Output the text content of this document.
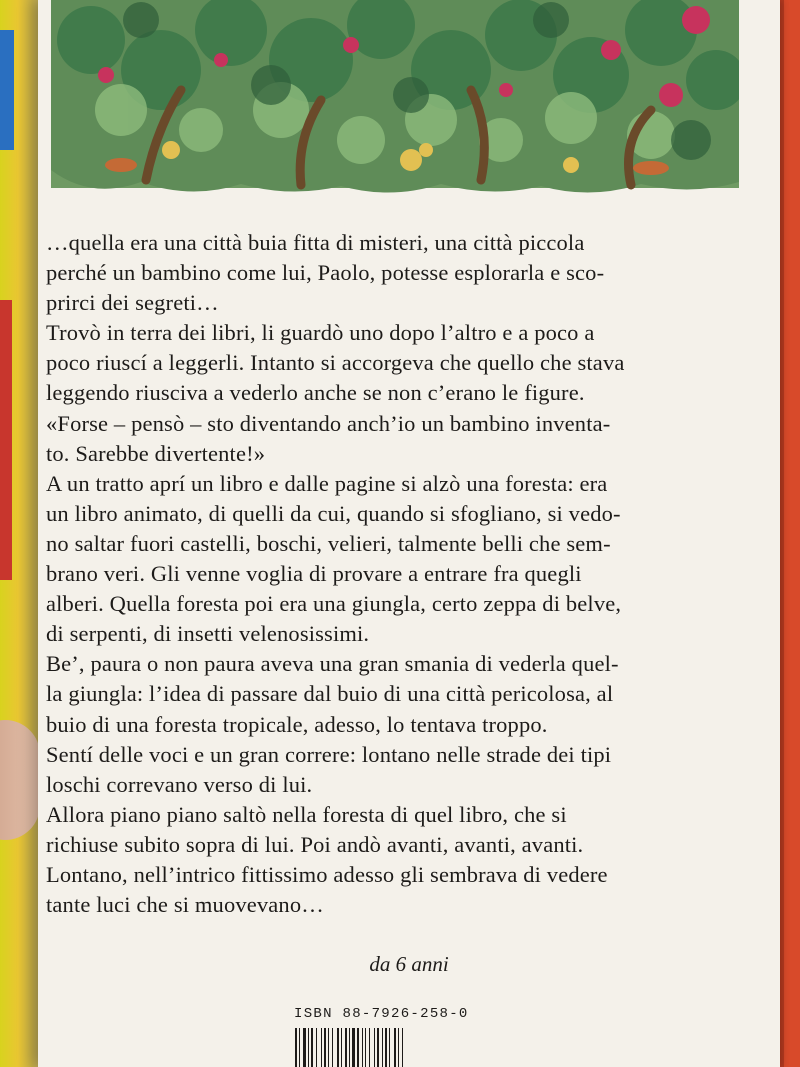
…quella era una città buia fitta di misteri, una città piccola
perché un bambino come lui, Paolo, potesse esplorarla e sco-
prirci dei segreti…
Trovò in terra dei libri, li guardò uno dopo l’altro e a poco a
poco riuscí a leggerli. Intanto si accorgeva che quello che stava
leggendo riusciva a vederlo anche se non c’erano le figure.
«Forse – pensò – sto diventando anch’io un bambino inventa-
to. Sarebbe divertente!»
A un tratto aprí un libro e dalle pagine si alzò una foresta: era
un libro animato, di quelli da cui, quando si sfogliano, si vedo-
no saltar fuori castelli, boschi, velieri, talmente belli che sem-
brano veri. Gli venne voglia di provare a entrare fra quegli
alberi. Quella foresta poi era una giungla, certo zeppa di belve,
di serpenti, di insetti velenosissimi.
Be’, paura o non paura aveva una gran smania di vederla quel-
la giungla: l’idea di passare dal buio di una città pericolosa, al
buio di una foresta tropicale, adesso, lo tentava troppo.
Sentí delle voci e un gran correre: lontano nelle strade dei tipi
loschi correvano verso di lui.
Allora piano piano saltò nella foresta di quel libro, che si
richiuse subito sopra di lui. Poi andò avanti, avanti, avanti.
Lontano, nell’intrico fittissimo adesso gli sembrava di vedere
tante luci che si muovevano…
da 6 anni
ISBN 88-7926-258-0
